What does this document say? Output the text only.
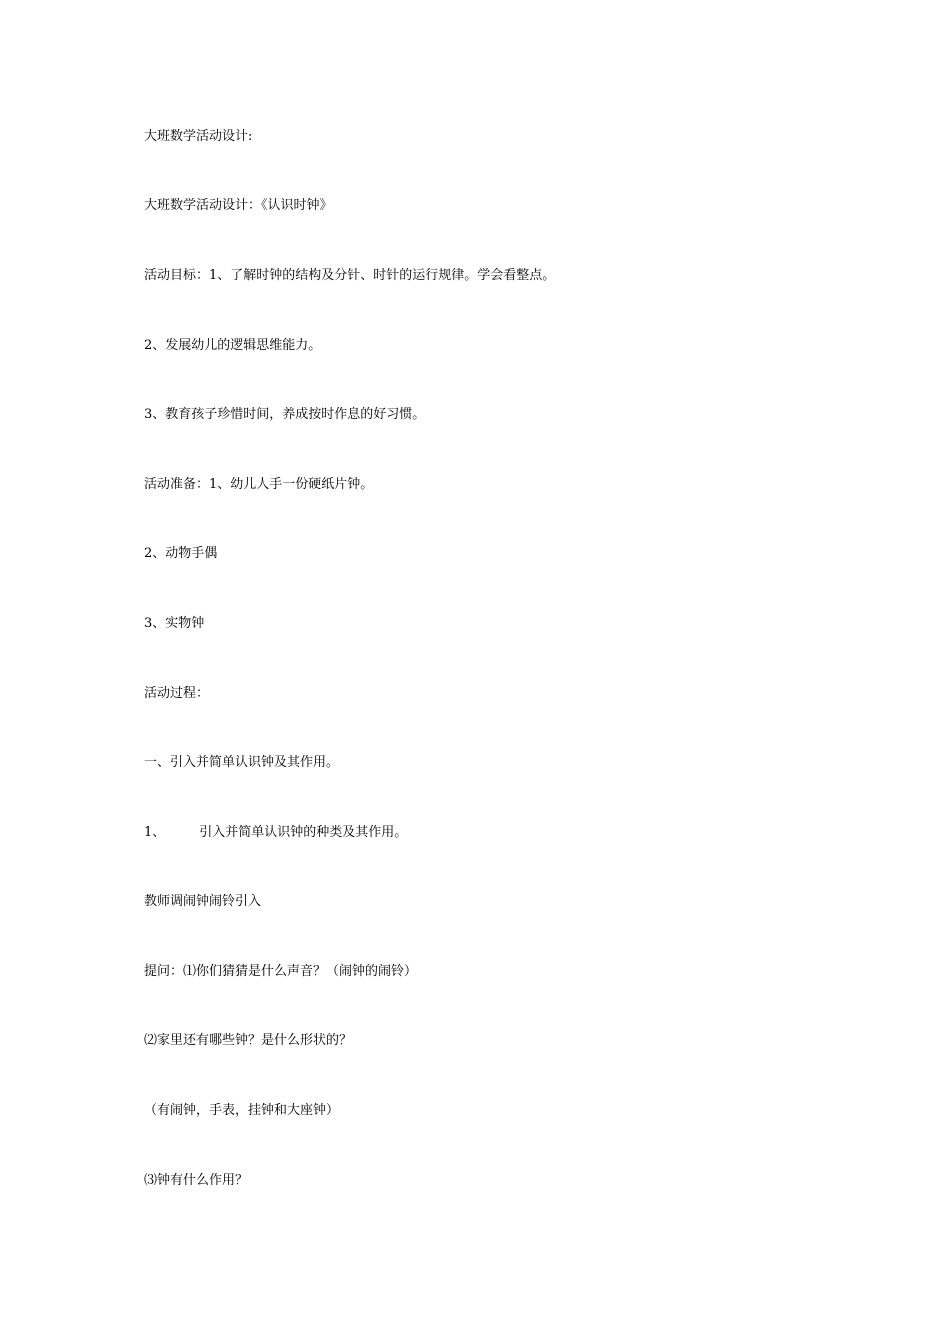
大班数学活动设计:

大班数学活动设计：《认识时钟》

活动目标：1、了解时钟的结构及分针、时针的运行规律。学会看整点。

2、发展幼儿的逻辑思维能力。

3、教育孩子珍惜时间，养成按时作息的好习惯。

活动准备：1、幼儿人手一份硬纸片钟。

2、动物手偶

3、实物钟

活动过程：

一、引入并简单认识钟及其作用。

1、	引入并简单认识钟的种类及其作用。

教师调闹钟闹铃引入

提问：⑴你们猜猜是什么声音？（闹钟的闹铃）

⑵家里还有哪些钟？是什么形状的？

（有闹钟，手表，挂钟和大座钟）

⑶钟有什么作用？
